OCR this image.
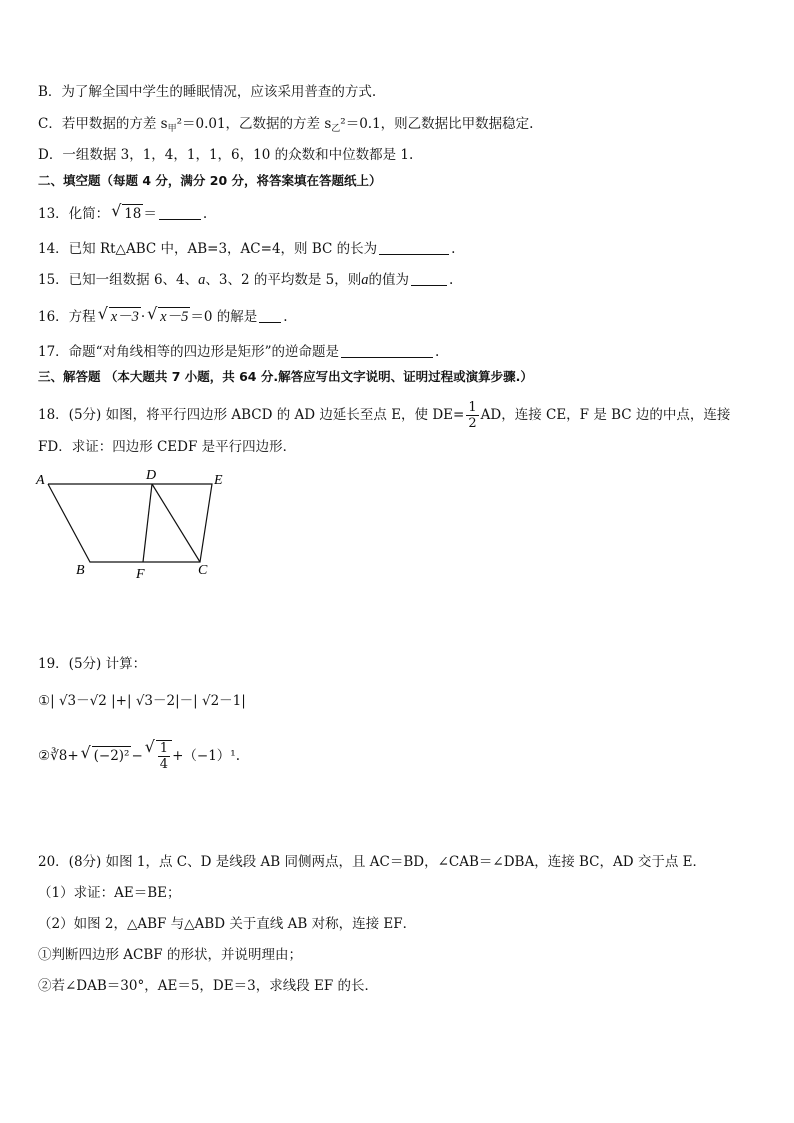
B．为了解全国中学生的睡眠情况，应该采用普查的方式.
C．若甲数据的方差 $s_甲^2=0.01$，乙数据的方差 $s_乙^2=0.1$，则乙数据比甲数据稳定.
D．一组数据 3，1，4，1，1，6，10 的众数和中位数都是 1.
二、填空题（每题 4 分，满分 20 分，将答案填在答题纸上）
13．化简： √ 18 ＝	.
14．已知 Rt△ABC 中，AB=3，AC=4，则 BC 的长为	.
15．已知一组数据 6、4、a、3、2 的平均数是 5，则a的值为	.
16．方程 √ x－3 · √ x－5 ＝0 的解是 .
17．命题“对角线相等的四边形是矩形”的逆命题是	.
三、解答题 （本大题共 7 小题，共 64 分.解答应写出文字说明、证明过程或演算步骤.）
18．(5分) 如图，将平行四边形 ABCD 的 AD 边延长至点 E，使 $DE= \frac{1}{2}$ AD，连接 CE，F 是 BC 边的中点，连接
FD．求证：四边形 CEDF 是平行四边形．
A	D	E
B	F	C
19．(5分) 计算：
①| √3－√2 |+| √3－2|－| √2－1|
②∛8+ √ (−2)² − √ $\frac{1}{4} +(-1)^1$.
20．(8分) 如图 1，点 C、D 是线段 AB 同侧两点，且 AC＝BD，∠CAB＝∠DBA，连接 BC，AD 交于点 E．
（1）求证：AE＝BE；
（2）如图 2，△ABF 与△ABD 关于直线 AB 对称，连接 EF．
①判断四边形 ACBF 的形状，并说明理由；
②若∠DAB＝30°，AE＝5，DE＝3，求线段 EF 的长．
